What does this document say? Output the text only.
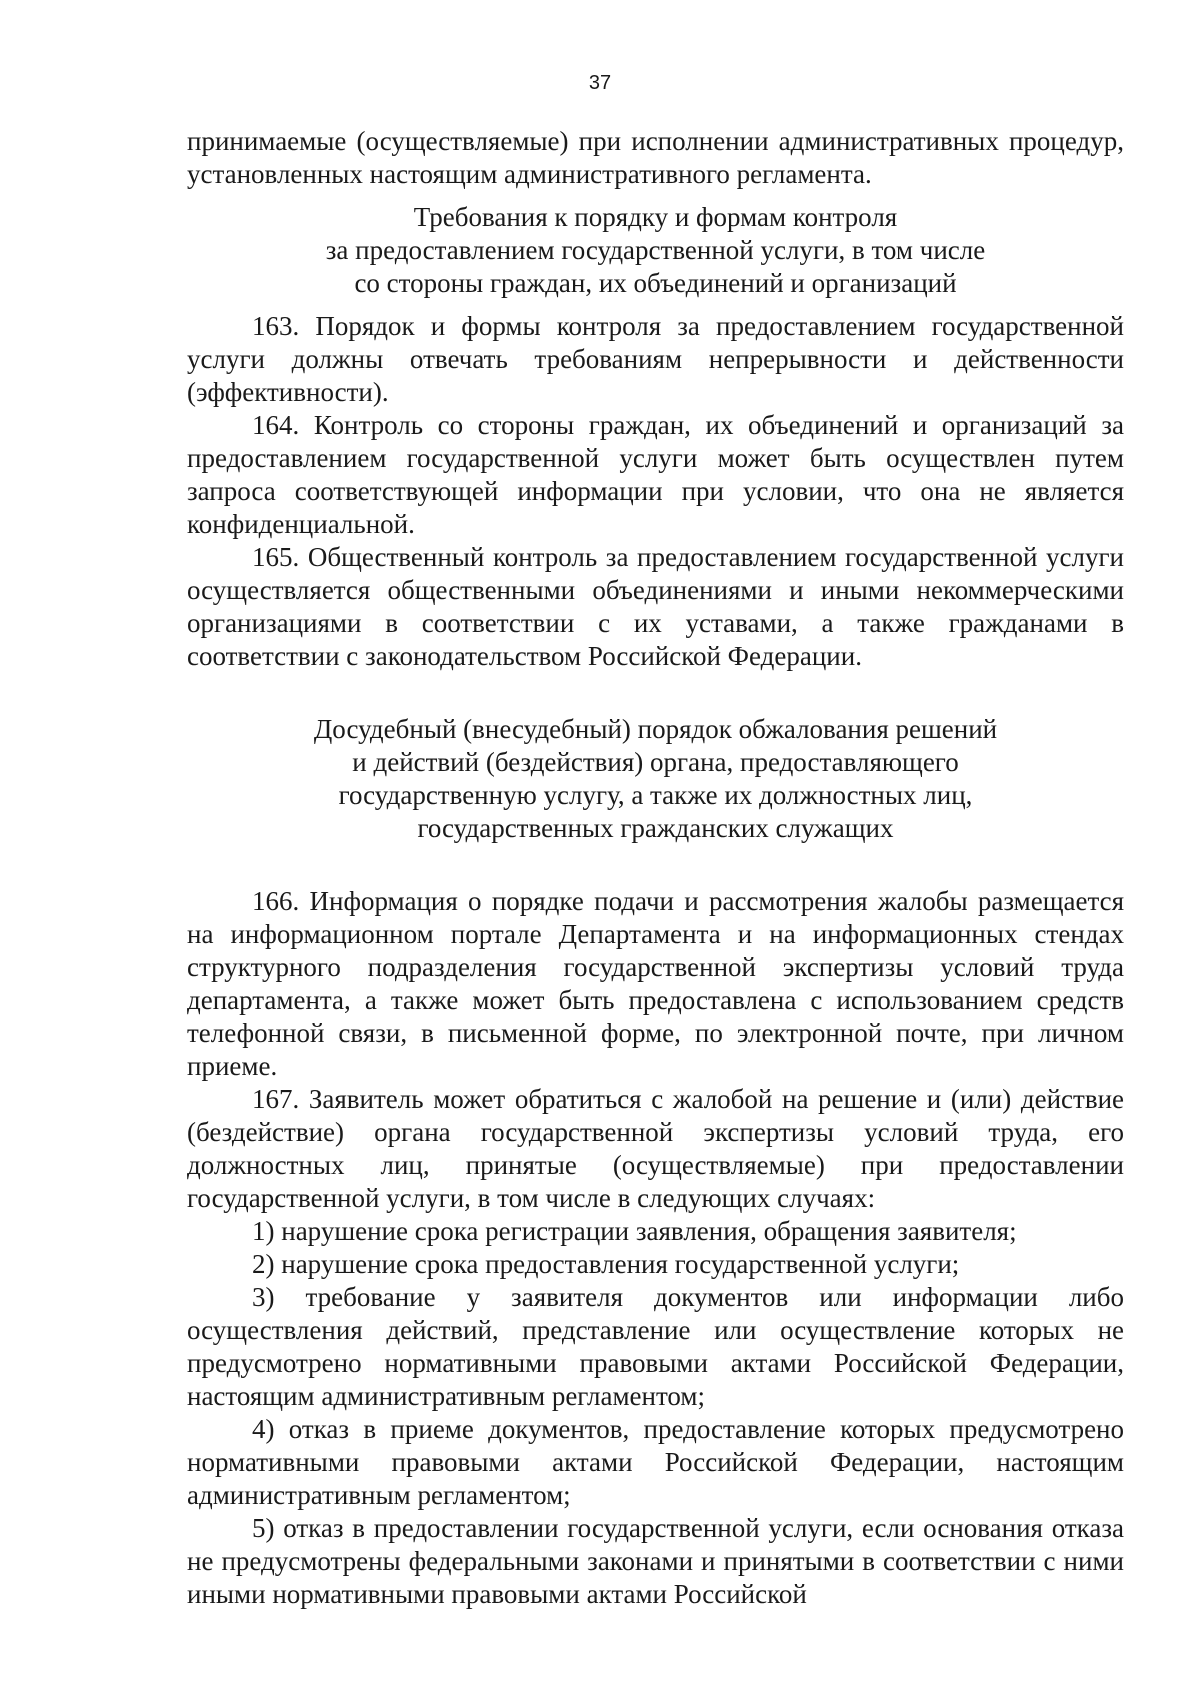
37

принимаемые (осуществляемые) при исполнении административных процедур, установленных настоящим административного регламента.

Требования к порядку и формам контроля
за предоставлением государственной услуги, в том числе
со стороны граждан, их объединений и организаций

163. Порядок и формы контроля за предоставлением государственной услуги должны отвечать требованиям непрерывности и действенности (эффективности).

164. Контроль со стороны граждан, их объединений и организаций за предоставлением государственной услуги может быть осуществлен путем запроса соответствующей информации при условии, что она не является конфиденциальной.

165. Общественный контроль за предоставлением государственной услуги осуществляется общественными объединениями и иными некоммерческими организациями в соответствии с их уставами, а также гражданами в соответствии с законодательством Российской Федерации.

Досудебный (внесудебный) порядок обжалования решений
и действий (бездействия) органа, предоставляющего
государственную услугу, а также их должностных лиц,
государственных гражданских служащих

166. Информация о порядке подачи и рассмотрения жалобы размещается на информационном портале Департамента и на информационных стендах структурного подразделения государственной экспертизы условий труда департамента, а также может быть предоставлена с использованием средств телефонной связи, в письменной форме, по электронной почте, при личном приеме.

167. Заявитель может обратиться с жалобой на решение и (или) действие (бездействие) органа государственной экспертизы условий труда, его должностных лиц, принятые (осуществляемые) при предоставлении государственной услуги, в том числе в следующих случаях:

1) нарушение срока регистрации заявления, обращения заявителя;

2) нарушение срока предоставления государственной услуги;

3) требование у заявителя документов или информации либо осуществления действий, представление или осуществление которых не предусмотрено нормативными правовыми актами Российской Федерации, настоящим административным регламентом;

4) отказ в приеме документов, предоставление которых предусмотрено нормативными правовыми актами Российской Федерации, настоящим административным регламентом;

5) отказ в предоставлении государственной услуги, если основания отказа не предусмотрены федеральными законами и принятыми в соответствии с ними иными нормативными правовыми актами Российской
